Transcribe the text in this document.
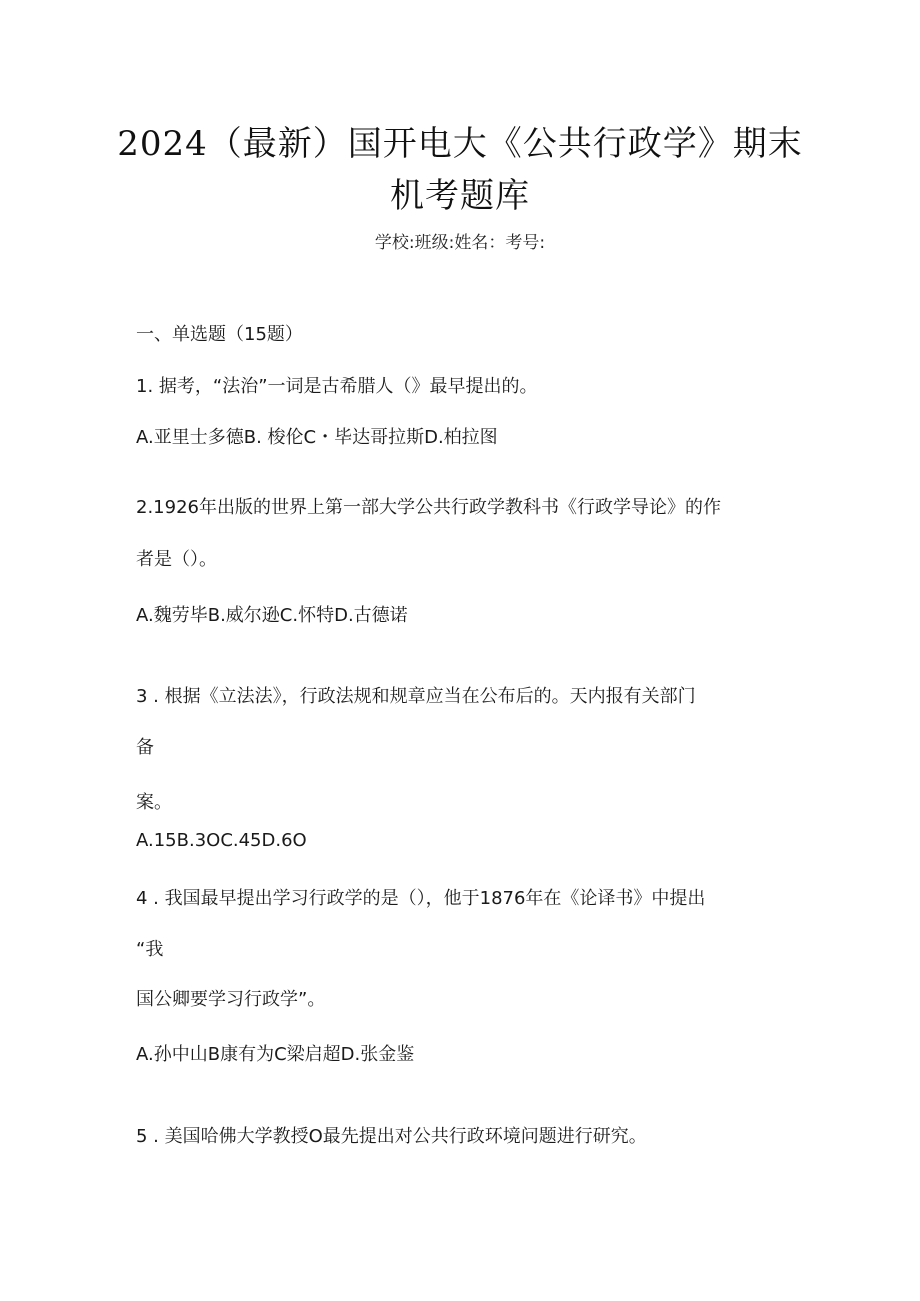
2024（最新）国开电大《公共行政学》期末
机考题库
学校:班级:姓名：考号:
一、单选题（15题）
1. 据考，“法治”一词是古希腊人（》最早提出的。
A.亚里士多德B. 梭伦C・毕达哥拉斯D.柏拉图
2.1926年出版的世界上第一部大学公共行政学教科书《行政学导论》的作
者是（）。
A.魏劳毕B.威尔逊C.怀特D.古德诺
3 . 根据《立法法》，行政法规和规章应当在公布后的。天内报有关部门
备
案。
A.15B.3OC.45D.6O
4 . 我国最早提出学习行政学的是（），他于1876年在《论译书》中提出
“我
国公卿要学习行政学”。
A.孙中山B康有为C梁启超D.张金鉴
5 . 美国哈佛大学教授O最先提出对公共行政环境问题进行研究。
